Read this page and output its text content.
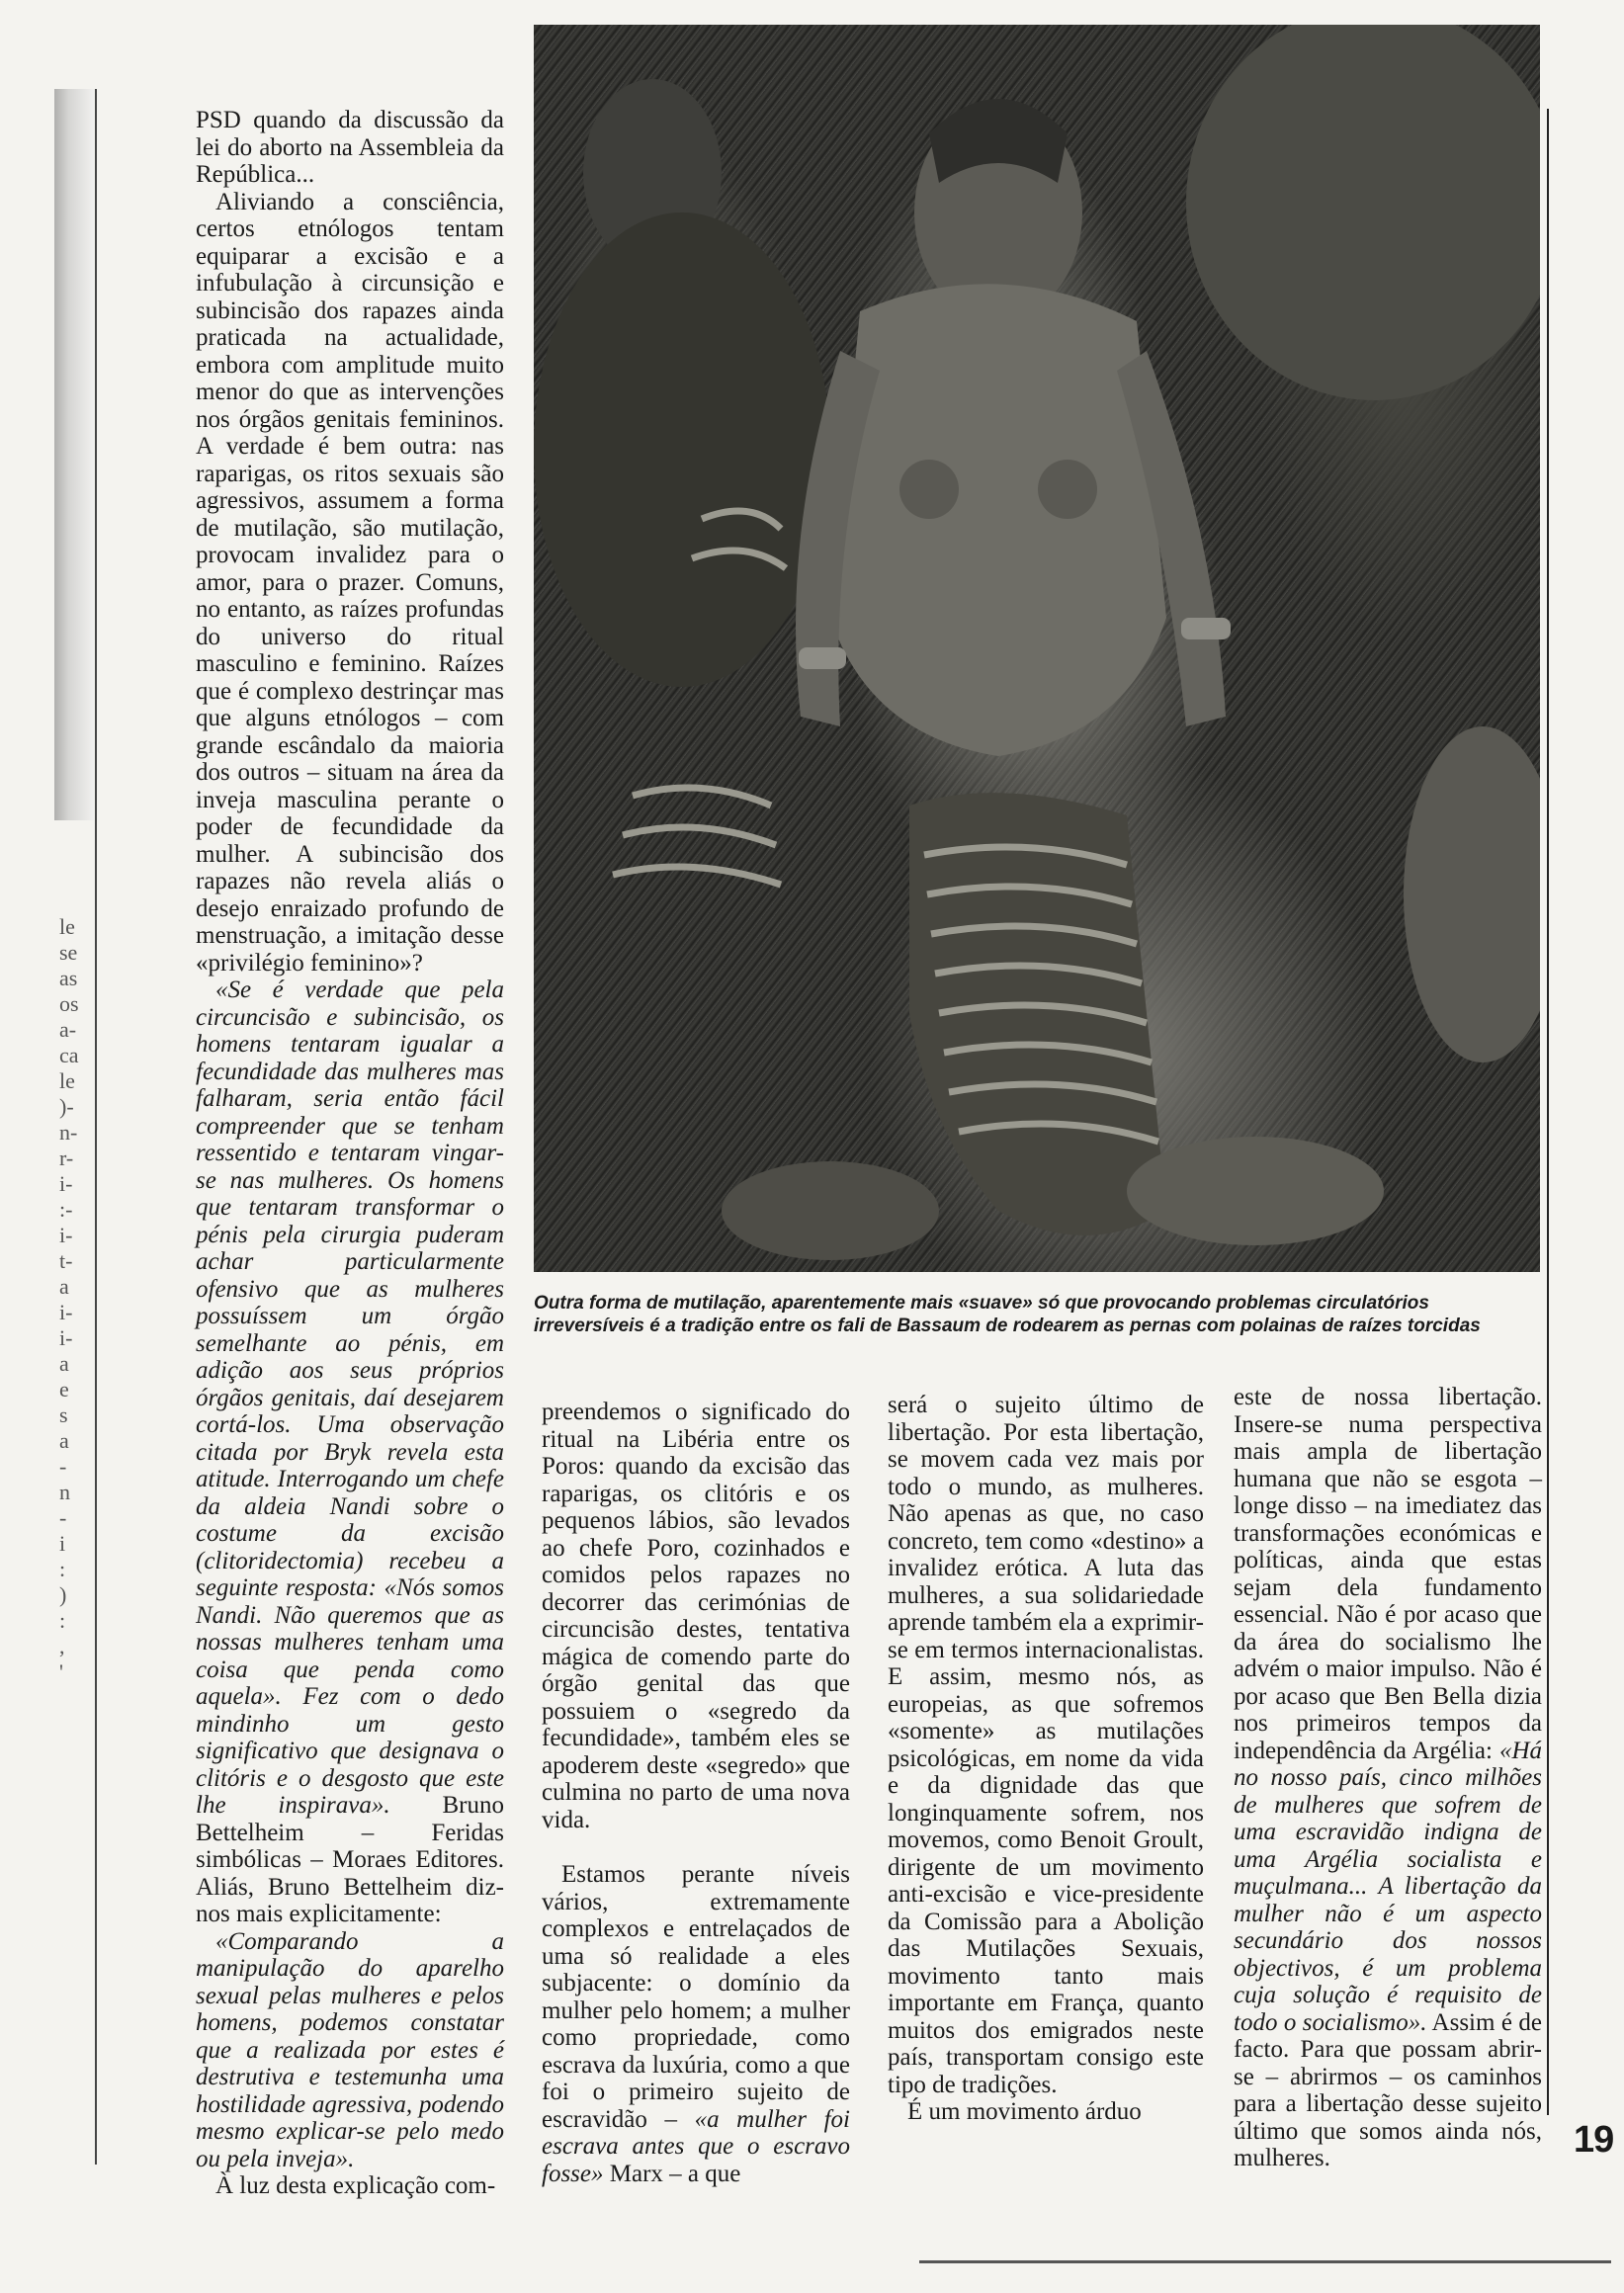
le
se
as
os
a-
ca
le
)-
n-
r-
i-
:-
i-
t-
a
i-
i-
a
e
s
a
-
n
-
i
:
)
:
,
'

PSD quando da discussão da lei do aborto na Assembleia da República...

Aliviando a consciência, certos etnólogos tentam equiparar a excisão e a infubulação à circunsição e subincisão dos rapazes ainda praticada na actualidade, embora com amplitude muito menor do que as intervenções nos órgãos genitais femininos. A verdade é bem outra: nas raparigas, os ritos sexuais são agressivos, assumem a forma de mutilação, são mutilação, provocam invalidez para o amor, para o prazer. Comuns, no entanto, as raízes profundas do universo do ritual masculino e feminino. Raízes que é complexo destrinçar mas que alguns etnólogos – com grande escândalo da maioria dos outros – situam na área da inveja masculina perante o poder de fecundidade da mulher. A subincisão dos rapazes não revela aliás o desejo enraizado profundo de menstruação, a imitação desse «privilégio feminino»?

«Se é verdade que pela circuncisão e subincisão, os homens tentaram igualar a fecundidade das mulheres mas falharam, seria então fácil compreender que se tenham ressentido e tentaram vingar-se nas mulheres. Os homens que tentaram transformar o pénis pela cirurgia puderam achar particularmente ofensivo que as mulheres possuíssem um órgão semelhante ao pénis, em adição aos seus próprios órgãos genitais, daí desejarem cortá-los. Uma observação citada por Bryk revela esta atitude. Interrogando um chefe da aldeia Nandi sobre o costume da excisão (clitoridectomia) recebeu a seguinte resposta: «Nós somos Nandi. Não queremos que as nossas mulheres tenham uma coisa que penda como aquela». Fez com o dedo mindinho um gesto significativo que designava o clitóris e o desgosto que este lhe inspirava». Bruno Bettelheim – Feridas simbólicas – Moraes Editores. Aliás, Bruno Bettelheim diz-nos mais explicitamente:

«Comparando a manipulação do aparelho sexual pelas mulheres e pelos homens, podemos constatar que a realizada por estes é destrutiva e testemunha uma hostilidade agressiva, podendo mesmo explicar-se pelo medo ou pela inveja».

À luz desta explicação com-

Outra forma de mutilação, aparentemente mais «suave» só que provocando problemas circulatórios irreversíveis é a tradição entre os fali de Bassaum de rodearem as pernas com polainas de raízes torcidas

preendemos o significado do ritual na Libéria entre os Poros: quando da excisão das raparigas, os clitóris e os pequenos lábios, são levados ao chefe Poro, cozinhados e comidos pelos rapazes no decorrer das cerimónias de circuncisão destes, tentativa mágica de comendo parte do órgão genital das que possuiem o «segredo da fecundidade», também eles se apoderem deste «segredo» que culmina no parto de uma nova vida.

Estamos perante níveis vários, extremamente complexos e entrelaçados de uma só realidade a eles subjacente: o domínio da mulher pelo homem; a mulher como propriedade, como escrava da luxúria, como a que foi o primeiro sujeito de escravidão – «a mulher foi escrava antes que o escravo fosse» Marx – a que

será o sujeito último de libertação. Por esta libertação, se movem cada vez mais por todo o mundo, as mulheres. Não apenas as que, no caso concreto, tem como «destino» a invalidez erótica. A luta das mulheres, a sua solidariedade aprende também ela a exprimir-se em termos internacionalistas. E assim, mesmo nós, as europeias, as que sofremos «somente» as mutilações psicológicas, em nome da vida e da dignidade das que longinquamente sofrem, nos movemos, como Benoit Groult, dirigente de um movimento anti-excisão e vice-presidente da Comissão para a Abolição das Mutilações Sexuais, movimento tanto mais importante em França, quanto muitos dos emigrados neste país, transportam consigo este tipo de tradições.

É um movimento árduo

este de nossa libertação. Insere-se numa perspectiva mais ampla de libertação humana que não se esgota – longe disso – na imediatez das transformações económicas e políticas, ainda que estas sejam dela fundamento essencial. Não é por acaso que da área do socialismo lhe advém o maior impulso. Não é por acaso que Ben Bella dizia nos primeiros tempos da independência da Argélia: «Há no nosso país, cinco milhões de mulheres que sofrem de uma escravidão indigna de uma Argélia socialista e muçulmana... A libertação da mulher não é um aspecto secundário dos nossos objectivos, é um problema cuja solução é requisito de todo o socialismo». Assim é de facto. Para que possam abrir-se – abrirmos – os caminhos para a libertação desse sujeito último que somos ainda nós, mulheres.	19
